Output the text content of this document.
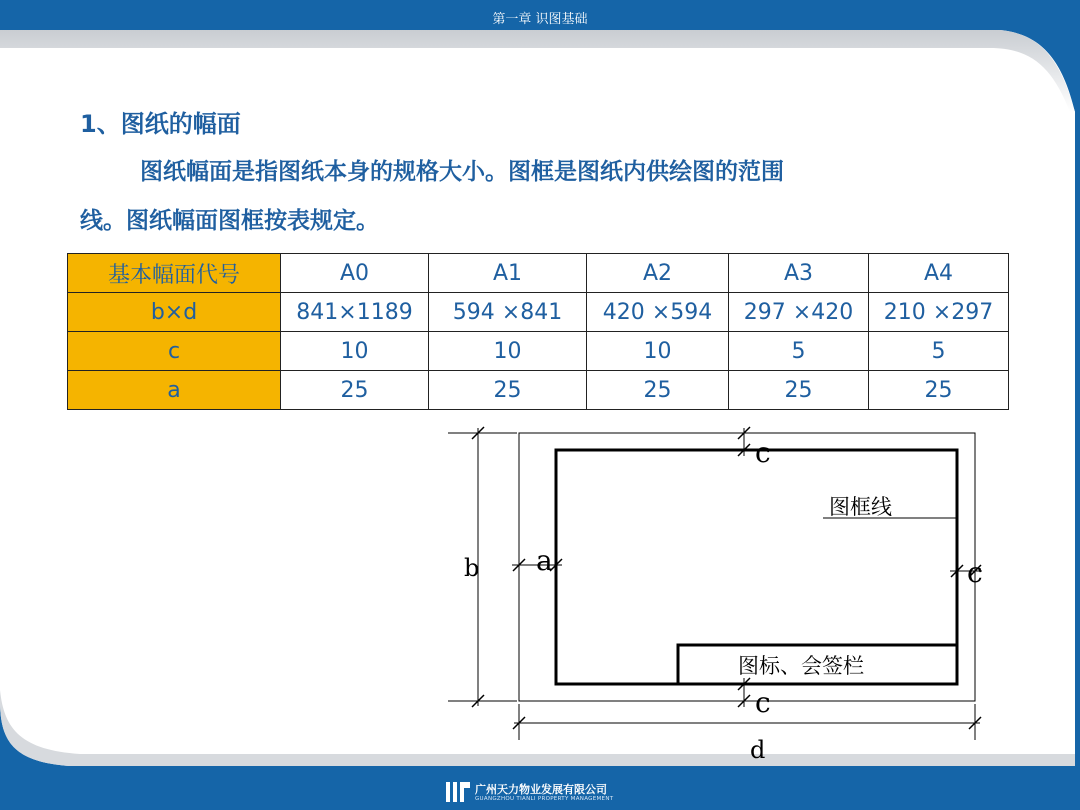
第一章 识图基础
1、图纸的幅面
图纸幅面是指图纸本身的规格大小。图框是图纸内供绘图的范围
线。图纸幅面图框按表规定。
基本幅面代号	A0	A1	A2	A3	A4
b×d	841×1189	594 ×841	420 ×594	297 ×420	210 ×297
c	10	10	10	5	5
a	25	25	25	25	25
c
a
b	c
c
d
图框线
图标、会签栏
广州天力物业发展有限公司
GUANGZHOU TIANLI PROPERTY MANAGEMENT
